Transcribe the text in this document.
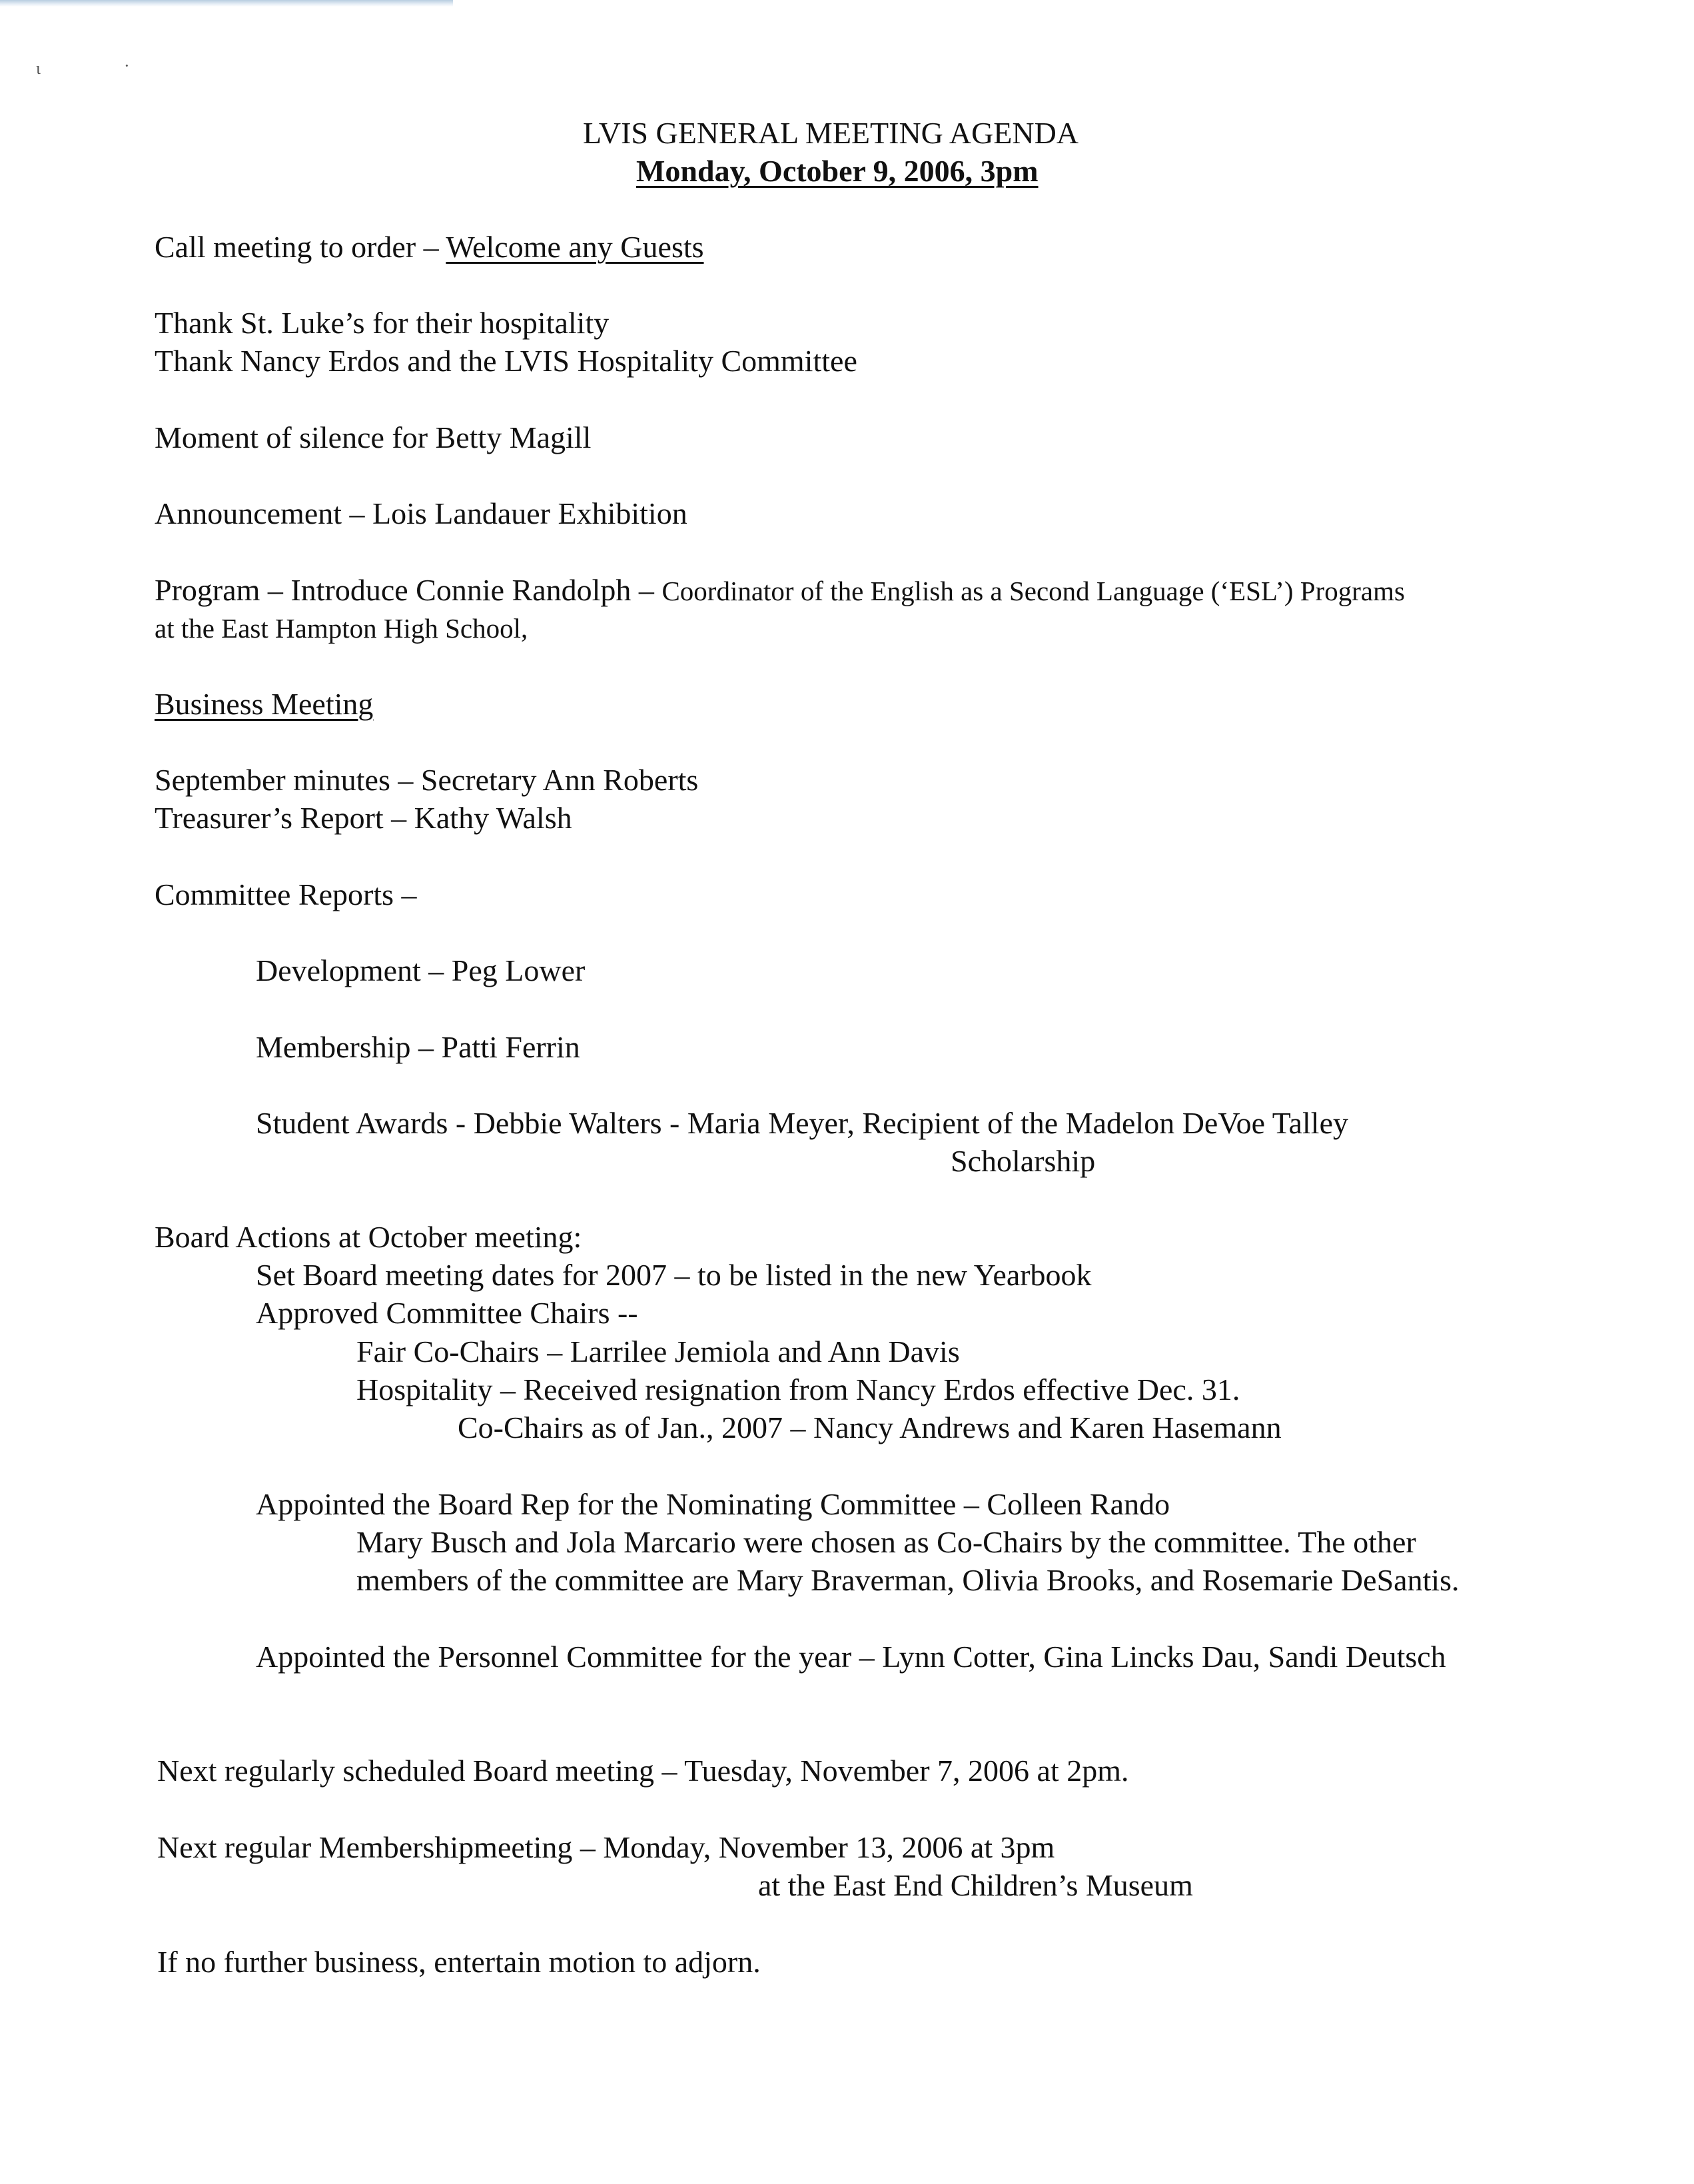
ɩ	·
LVIS GENERAL MEETING AGENDA
Monday, October 9, 2006, 3pm
Call meeting to order – Welcome any Guests
Thank St. Luke’s for their hospitality
Thank Nancy Erdos and the LVIS Hospitality Committee
Moment of silence for Betty Magill
Announcement – Lois Landauer Exhibition
Program – Introduce Connie Randolph – Coordinator of the English as a Second Language (‘ESL’) Programs
at the East Hampton High School,
Business Meeting
September minutes – Secretary Ann Roberts
Treasurer’s Report – Kathy Walsh
Committee Reports –
Development – Peg Lower
Membership – Patti Ferrin
Student Awards - Debbie Walters - Maria Meyer, Recipient of the Madelon DeVoe Talley
Scholarship
Board Actions at October meeting:
Set Board meeting dates for 2007 – to be listed in the new Yearbook
Approved Committee Chairs --
Fair Co-Chairs – Larrilee Jemiola and Ann Davis
Hospitality – Received resignation from Nancy Erdos effective Dec. 31.
Co-Chairs as of Jan., 2007 – Nancy Andrews and Karen Hasemann
Appointed the Board Rep for the Nominating Committee – Colleen Rando
Mary Busch and Jola Marcario were chosen as Co-Chairs by the committee. The other
members of the committee are Mary Braverman, Olivia Brooks, and Rosemarie DeSantis.
Appointed the Personnel Committee for the year – Lynn Cotter, Gina Lincks Dau, Sandi Deutsch
Next regularly scheduled Board meeting – Tuesday, November 7, 2006 at 2pm.
Next regular Membershipmeeting – Monday, November 13, 2006 at 3pm
at the East End Children’s Museum
If no further business, entertain motion to adjorn.
